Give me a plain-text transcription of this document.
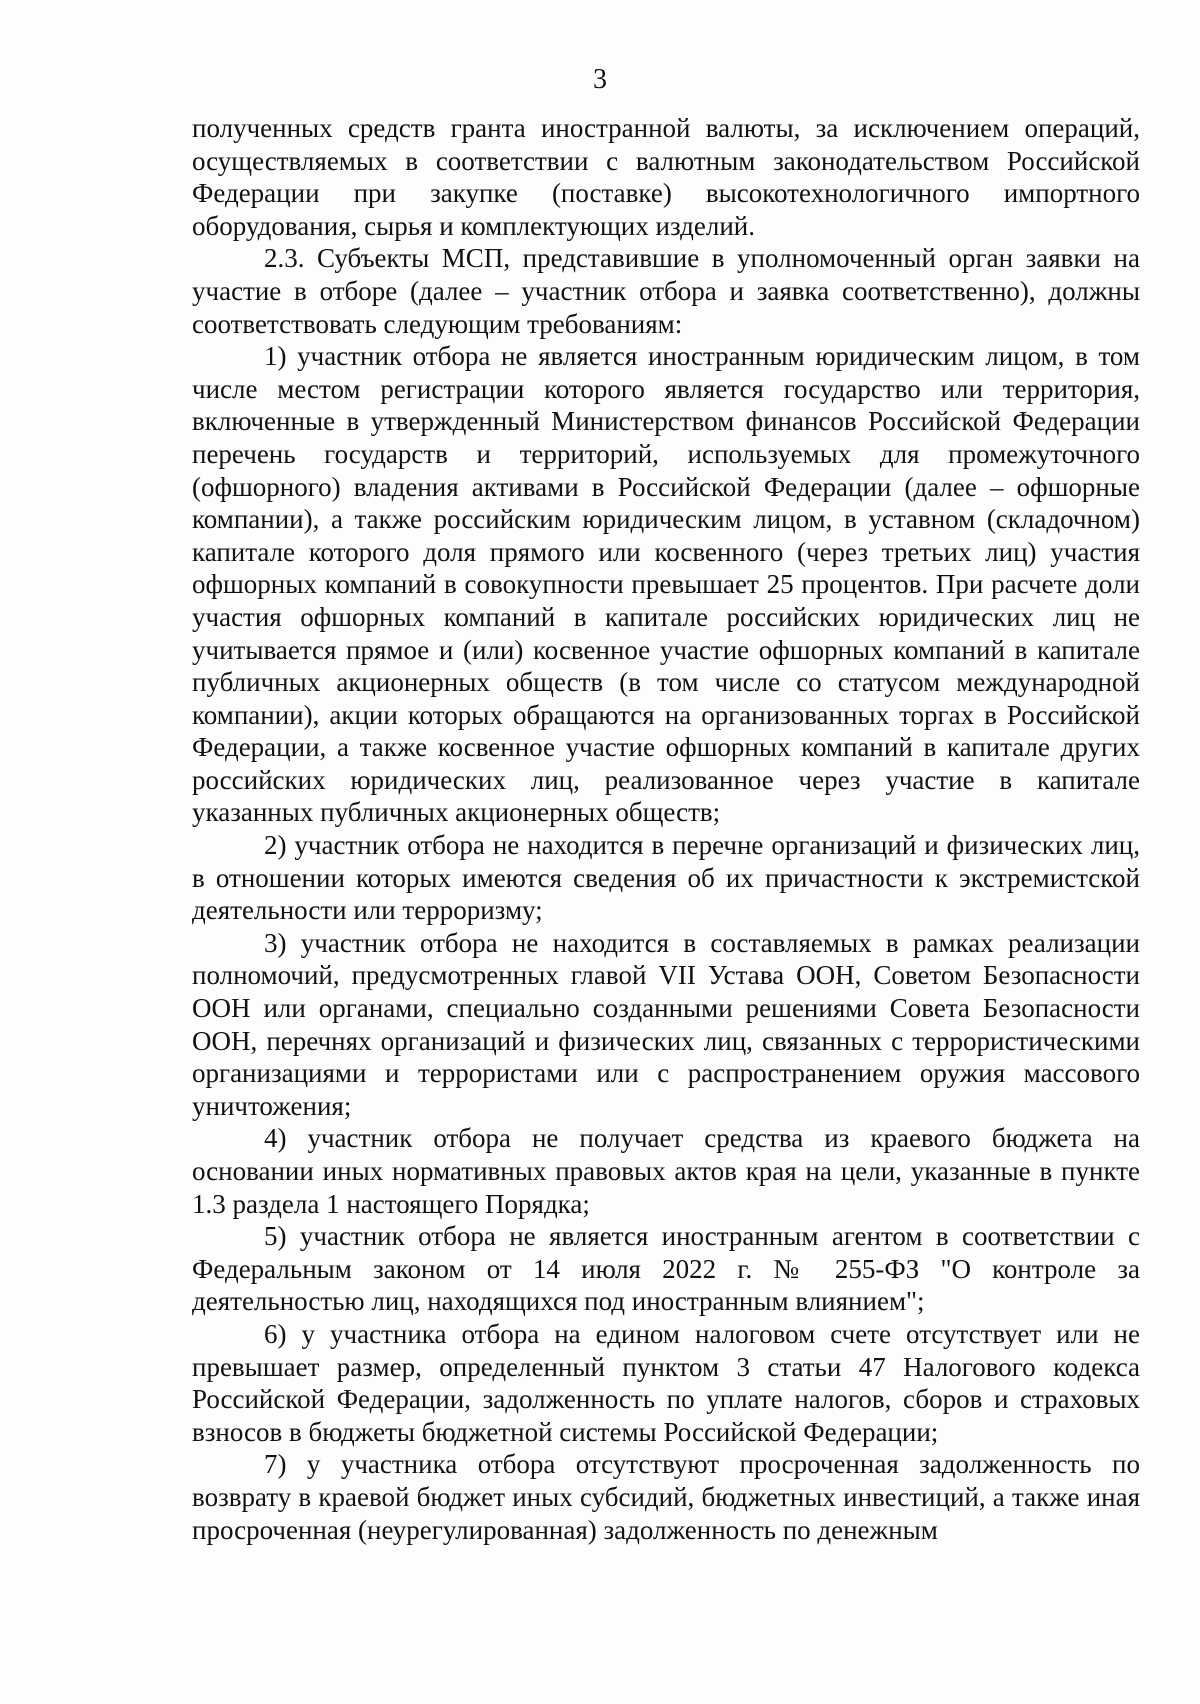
3

полученных средств гранта иностранной валюты, за исключением операций, осуществляемых в соответствии с валютным законодательством Российской Федерации при закупке (поставке) высокотехнологичного импортного оборудования, сырья и комплектующих изделий.

2.3. Субъекты МСП, представившие в уполномоченный орган заявки на участие в отборе (далее – участник отбора и заявка соответственно), должны соответствовать следующим требованиям:

1) участник отбора не является иностранным юридическим лицом, в том числе местом регистрации которого является государство или территория, включенные в утвержденный Министерством финансов Российской Федерации перечень государств и территорий, используемых для промежуточного (офшорного) владения активами в Российской Федерации (далее – офшорные компании), а также российским юридическим лицом, в уставном (складочном) капитале которого доля прямого или косвенного (через третьих лиц) участия офшорных компаний в совокупности превышает 25 процентов. При расчете доли участия офшорных компаний в капитале российских юридических лиц не учитывается прямое и (или) косвенное участие офшорных компаний в капитале публичных акционерных обществ (в том числе со статусом международной компании), акции которых обращаются на организованных торгах в Российской Федерации, а также косвенное участие офшорных компаний в капитале других российских юридических лиц, реализованное через участие в капитале указанных публичных акционерных обществ;

2) участник отбора не находится в перечне организаций и физических лиц, в отношении которых имеются сведения об их причастности к экстремистской деятельности или терроризму;

3) участник отбора не находится в составляемых в рамках реализации полномочий, предусмотренных главой VII Устава ООН, Советом Безопасности ООН или органами, специально созданными решениями Совета Безопасности ООН, перечнях организаций и физических лиц, связанных с террористическими организациями и террористами или с распространением оружия массового уничтожения;

4) участник отбора не получает средства из краевого бюджета на основании иных нормативных правовых актов края на цели, указанные в пункте 1.3 раздела 1 настоящего Порядка;

5) участник отбора не является иностранным агентом в соответствии с Федеральным законом от 14 июля 2022 г. № 255-ФЗ "О контроле за деятельностью лиц, находящихся под иностранным влиянием";

6) у участника отбора на едином налоговом счете отсутствует или не превышает размер, определенный пунктом 3 статьи 47 Налогового кодекса Российской Федерации, задолженность по уплате налогов, сборов и страховых взносов в бюджеты бюджетной системы Российской Федерации;

7) у участника отбора отсутствуют просроченная задолженность по возврату в краевой бюджет иных субсидий, бюджетных инвестиций, а также иная просроченная (неурегулированная) задолженность по денежным
